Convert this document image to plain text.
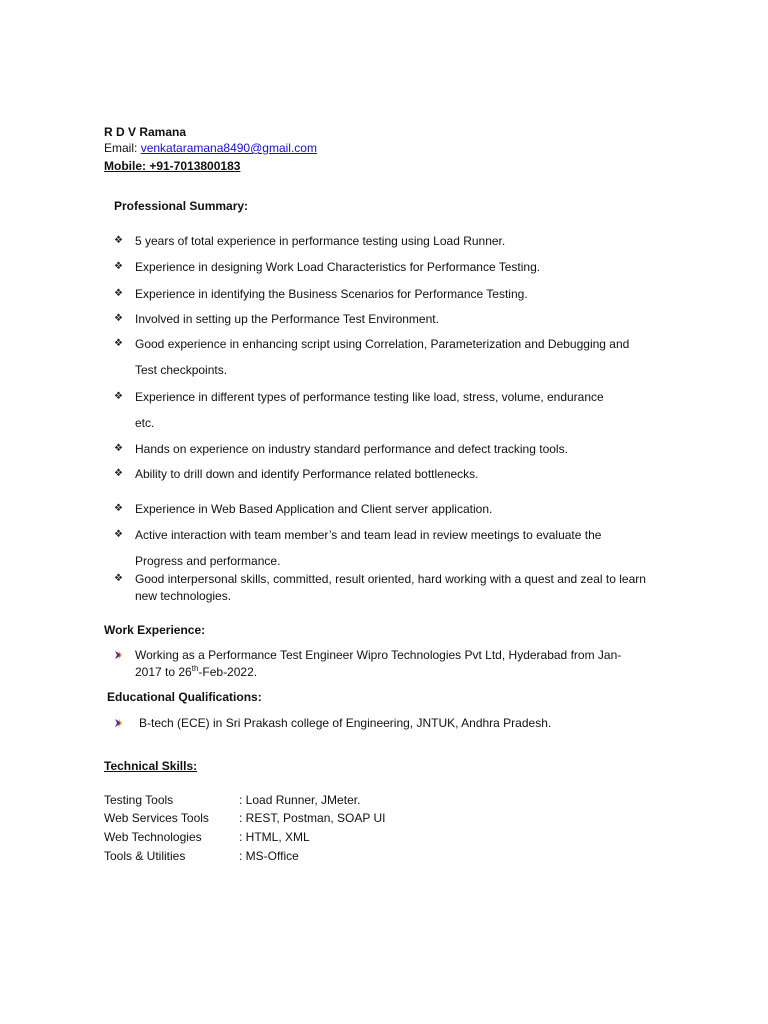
R D V Ramana
Email: venkataramana8490@gmail.com
Mobile: +91-7013800183
Professional Summary:
❖ 5 years of total experience in performance testing using Load Runner.
❖ Experience in designing Work Load Characteristics for Performance Testing.
❖ Experience in identifying the Business Scenarios for Performance Testing.
❖ Involved in setting up the Performance Test Environment.
❖ Good experience in enhancing script using Correlation, Parameterization and Debugging and
Test checkpoints.
❖ Experience in different types of performance testing like load, stress, volume, endurance
etc.
❖ Hands on experience on industry standard performance and defect tracking tools.
❖ Ability to drill down and identify Performance related bottlenecks.
❖ Experience in Web Based Application and Client server application.
❖ Active interaction with team member’s and team lead in review meetings to evaluate the
Progress and performance.
❖ Good interpersonal skills, committed, result oriented, hard working with a quest and zeal to learn
new technologies.
Work Experience:
Working as a Performance Test Engineer Wipro Technologies Pvt Ltd, Hyderabad from Jan-
2017 to 26th-Feb-2022.
Educational Qualifications:
B-tech (ECE) in Sri Prakash college of Engineering, JNTUK, Andhra Pradesh.
Technical Skills:
Testing Tools	: Load Runner, JMeter.
Web Services Tools	: REST, Postman, SOAP UI
Web Technologies	: HTML, XML
Tools & Utilities	: MS-Office
